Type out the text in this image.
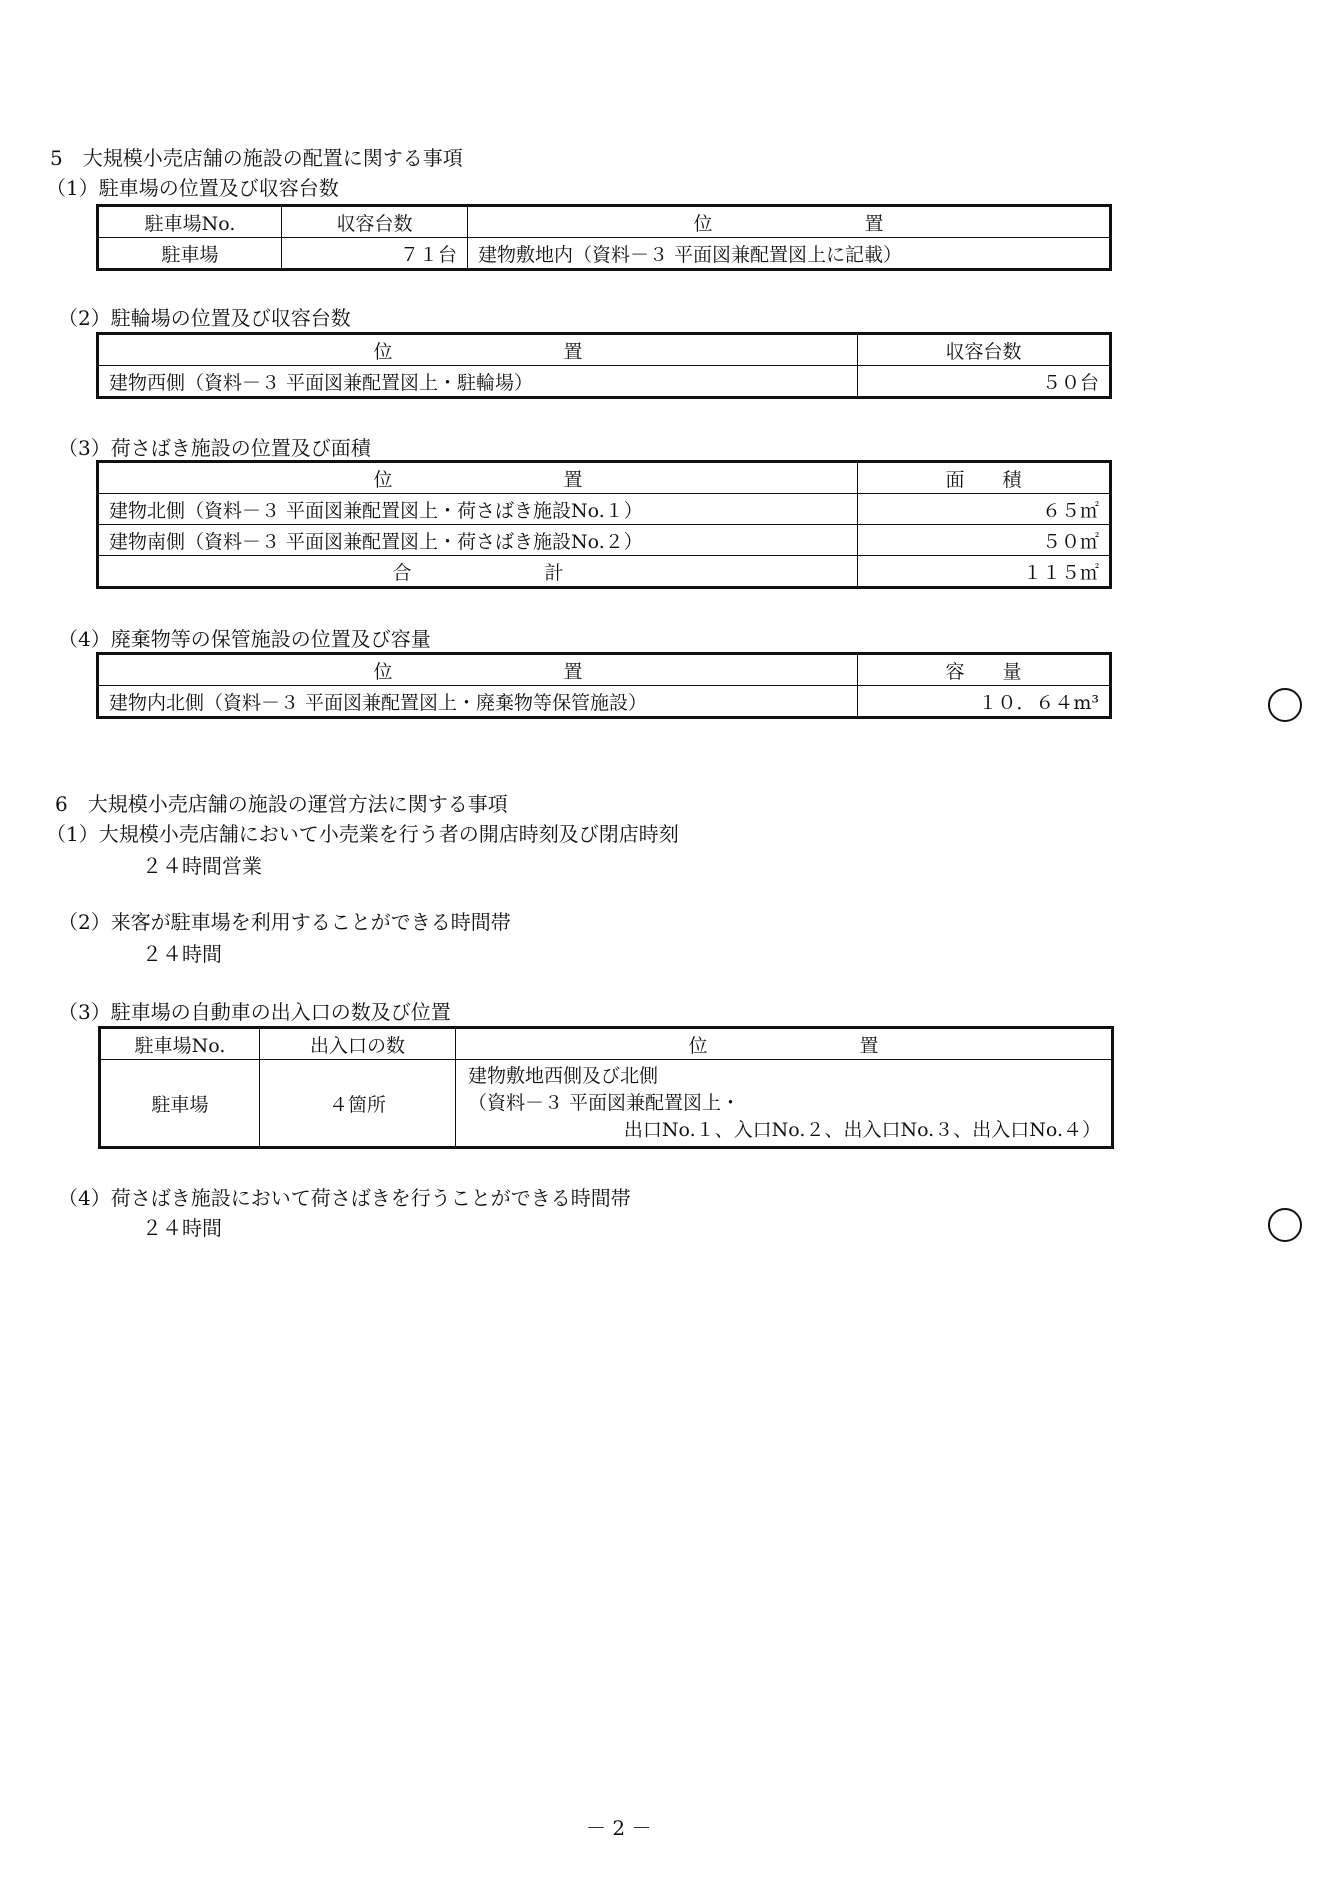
5　大規模小売店舗の施設の配置に関する事項
（1）駐車場の位置及び収容台数
駐車場No.	収容台数	位　　　　　　　　置
駐車場	７１台	建物敷地内（資料－３ 平面図兼配置図上に記載）
（2）駐輪場の位置及び収容台数
位　　　　　　　　　置	収容台数
建物西側（資料－３ 平面図兼配置図上・駐輪場）	５０台
（3）荷さばき施設の位置及び面積
位　　　　　　　　　置	面　　積
建物北側（資料－３ 平面図兼配置図上・荷さばき施設No.１）	６５㎡
建物南側（資料－３ 平面図兼配置図上・荷さばき施設No.２）	５０㎡
合　　　　　　　計	１１５㎡
（4）廃棄物等の保管施設の位置及び容量
位　　　　　　　　　置	容　　量
建物内北側（資料－３ 平面図兼配置図上・廃棄物等保管施設）	１０．６４m³
6　大規模小売店舗の施設の運営方法に関する事項
（1）大規模小売店舗において小売業を行う者の開店時刻及び閉店時刻
２４時間営業
（2）来客が駐車場を利用することができる時間帯
２４時間
（3）駐車場の自動車の出入口の数及び位置
駐車場No.	出入口の数	位　　　　　　　　置
駐車場	４箇所	建物敷地西側及び北側
（資料－３ 平面図兼配置図上・
出口No.１、入口No.２、出入口No.３、出入口No.４）
（4）荷さばき施設において荷さばきを行うことができる時間帯
２４時間
－ 2 －
